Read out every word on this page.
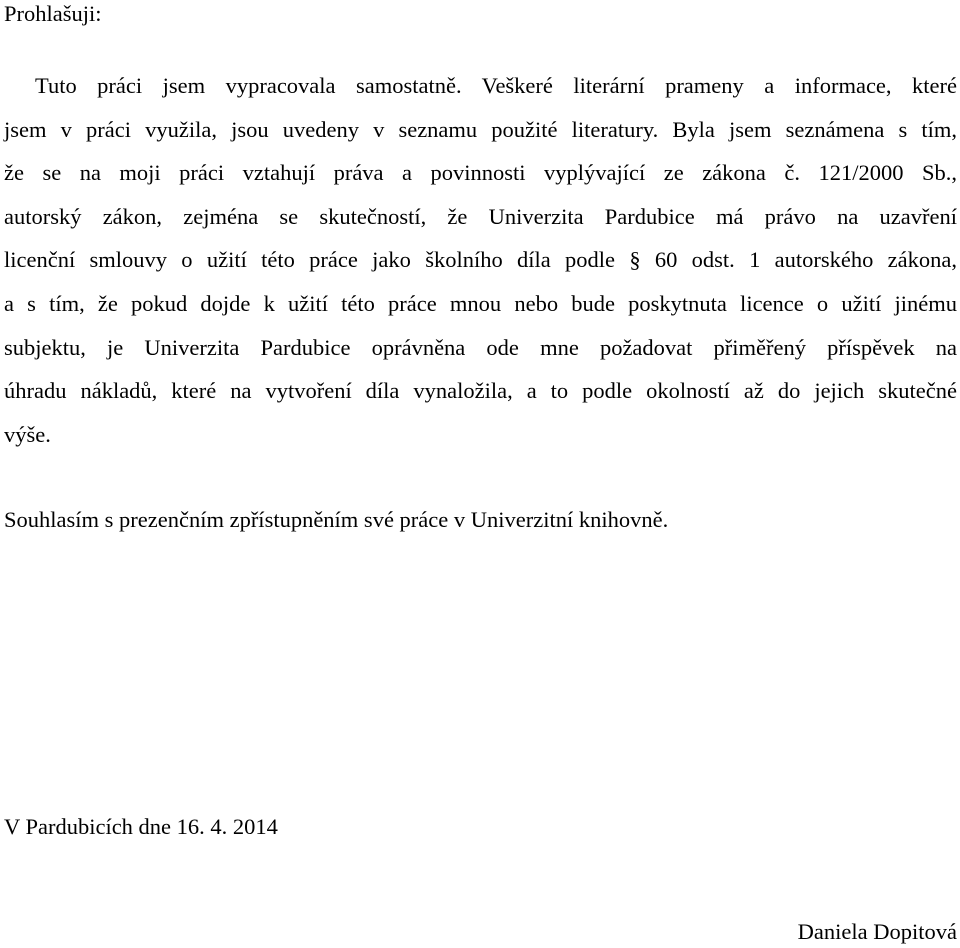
Prohlašuji:
Tuto práci jsem vypracovala samostatně. Veškeré literární prameny a informace, které
jsem v práci využila, jsou uvedeny v seznamu použité literatury. Byla jsem seznámena s tím,
že se na moji práci vztahují práva a povinnosti vyplývající ze zákona č. 121/2000 Sb.,
autorský zákon, zejména se skutečností, že Univerzita Pardubice má právo na uzavření
licenční smlouvy o užití této práce jako školního díla podle § 60 odst. 1 autorského zákona,
a s tím, že pokud dojde k užití této práce mnou nebo bude poskytnuta licence o užití jinému
subjektu, je Univerzita Pardubice oprávněna ode mne požadovat přiměřený příspěvek na
úhradu nákladů, které na vytvoření díla vynaložila, a to podle okolností až do jejich skutečné
výše.
Souhlasím s prezenčním zpřístupněním své práce v Univerzitní knihovně.
V Pardubicích dne 16. 4. 2014
Daniela Dopitová
